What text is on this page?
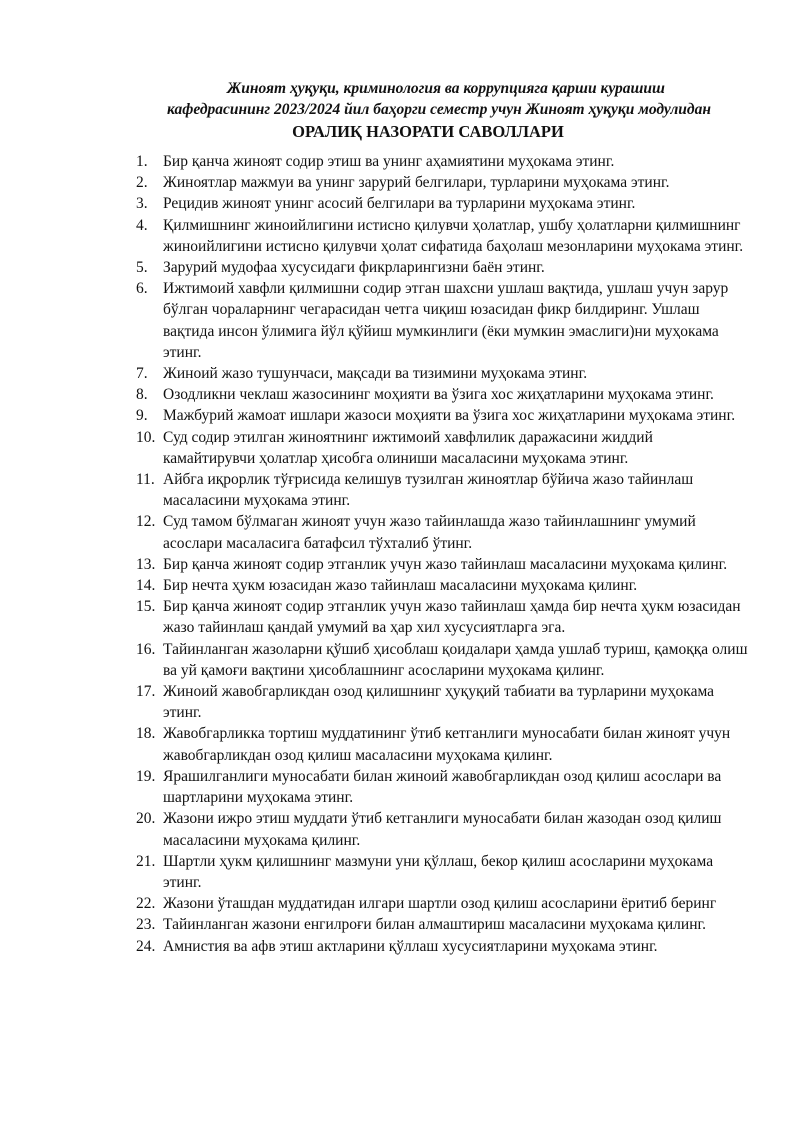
Жиноят ҳуқуқи, криминология ва коррупцияга қарши курашиш
кафедрасининг 2023/2024 йил баҳорги семестр учун Жиноят ҳуқуқи модулидан
ОРАЛИҚ НАЗОРАТИ САВОЛЛАРИ
1. Бир қанча жиноят содир этиш ва унинг аҳамиятини муҳокама этинг.
2. Жиноятлар мажмуи ва унинг зарурий белгилари, турларини муҳокама этинг.
3. Рецидив жиноят унинг асосий белгилари ва турларини муҳокама этинг.
4. Қилмишнинг жиноийлигини истисно қилувчи ҳолатлар, ушбу ҳолатларни қилмишнинг жиноийлигини истисно қилувчи ҳолат сифатида баҳолаш мезонларини муҳокама этинг.
5. Зарурий мудофаа хусусидаги фикрларингизни баён этинг.
6. Ижтимоий хавфли қилмишни содир этган шахсни ушлаш вақтида, ушлаш учун зарур бўлган чораларнинг чегарасидан четга чиқиш юзасидан фикр билдиринг. Ушлаш вақтида инсон ўлимига йўл қўйиш мумкинлиги (ёки мумкин эмаслиги)ни муҳокама этинг.
7. Жиноий жазо тушунчаси, мақсади ва тизимини муҳокама этинг.
8. Озодликни чеклаш жазосининг моҳияти ва ўзига хос жиҳатларини муҳокама этинг.
9. Мажбурий жамоат ишлари жазоси моҳияти ва ўзига хос жиҳатларини муҳокама этинг.
10. Суд содир этилган жиноятнинг ижтимоий хавфлилик даражасини жиддий камайтирувчи ҳолатлар ҳисобга олиниши масаласини муҳокама этинг.
11. Айбга иқрорлик тўғрисида келишув тузилган жиноятлар бўйича жазо тайинлаш масаласини муҳокама этинг.
12. Суд тамом бўлмаган жиноят учун жазо тайинлашда жазо тайинлашнинг умумий асослари масаласига батафсил тўхталиб ўтинг.
13. Бир қанча жиноят содир этганлик учун жазо тайинлаш масаласини муҳокама қилинг.
14. Бир нечта ҳукм юзасидан жазо тайинлаш масаласини муҳокама қилинг.
15. Бир қанча жиноят содир этганлик учун жазо тайинлаш ҳамда бир нечта ҳукм юзасидан жазо тайинлаш қандай умумий ва ҳар хил хусусиятларга эга.
16. Тайинланган жазоларни қўшиб ҳисоблаш қоидалари ҳамда ушлаб туриш, қамоққа олиш ва уй қамоғи вақтини ҳисоблашнинг асосларини муҳокама қилинг.
17. Жиноий жавобгарликдан озод қилишнинг ҳуқуқий табиати ва турларини муҳокама этинг.
18. Жавобгарликка тортиш муддатининг ўтиб кетганлиги муносабати билан жиноят учун жавобгарликдан озод қилиш масаласини муҳокама қилинг.
19. Ярашилганлиги муносабати билан жиноий жавобгарликдан озод қилиш асослари ва шартларини муҳокама этинг.
20. Жазони ижро этиш муддати ўтиб кетганлиги муносабати билан жазодан озод қилиш масаласини муҳокама қилинг.
21. Шартли ҳукм қилишнинг мазмуни уни қўллаш, бекор қилиш асосларини муҳокама этинг.
22. Жазони ўташдан муддатидан илгари шартли озод қилиш асосларини ёритиб беринг
23. Тайинланган жазони енгилроғи билан алмаштириш масаласини муҳокама қилинг.
24. Амнистия ва афв этиш актларини қўллаш хусусиятларини муҳокама этинг.
